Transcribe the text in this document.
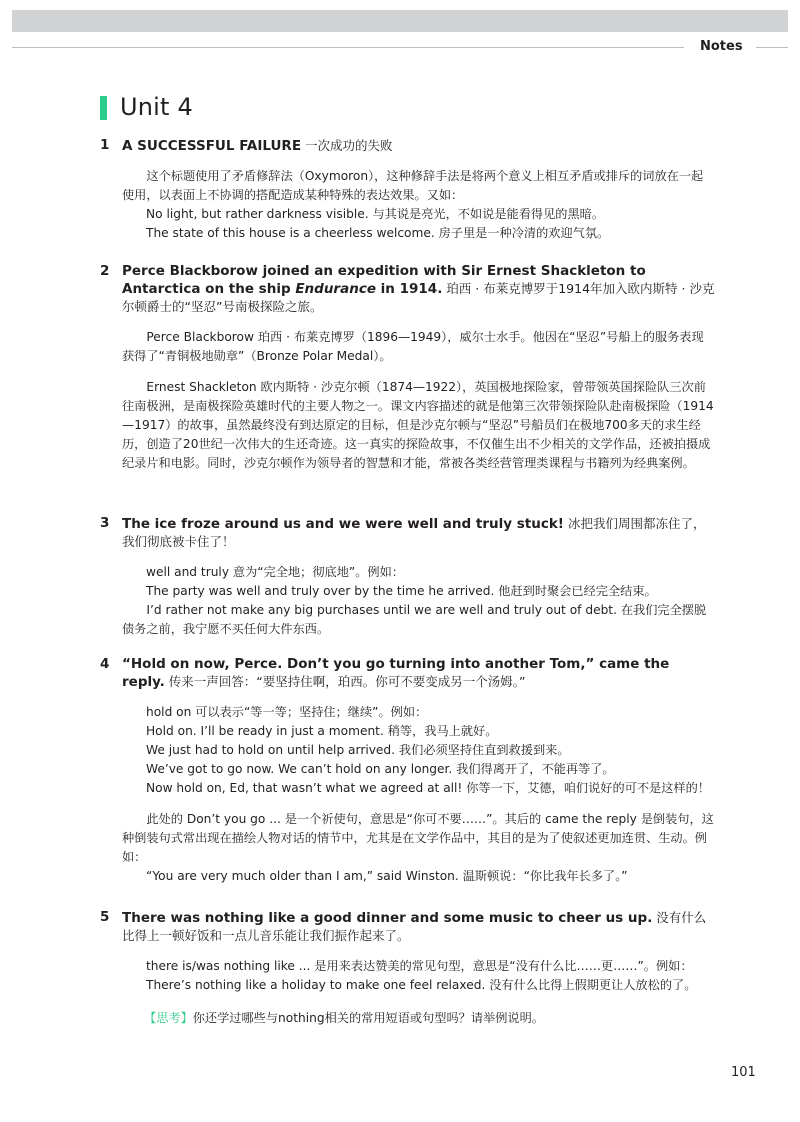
Notes
Unit 4
1 A SUCCESSFUL FAILURE 一次成功的失败

这个标题使用了矛盾修辞法（Oxymoron），这种修辞手法是将两个意义上相互矛盾或排斥的词放在一起使用，以表面上不协调的搭配造成某种特殊的表达效果。又如：

No light, but rather darkness visible. 与其说是亮光，不如说是能看得见的黑暗。

The state of this house is a cheerless welcome. 房子里是一种冷清的欢迎气氛。

2 Perce Blackborow joined an expedition with Sir Ernest Shackleton to Antarctica on the ship Endurance in 1914. 珀西 · 布莱克博罗于1914年加入欧内斯特 · 沙克尔顿爵士的“坚忍”号南极探险之旅。

Perce Blackborow 珀西 · 布莱克博罗（1896—1949），威尔士水手。他因在“坚忍”号船上的服务表现获得了“青铜极地勋章”（Bronze Polar Medal）。

Ernest Shackleton 欧内斯特 · 沙克尔顿（1874—1922），英国极地探险家，曾带领英国探险队三次前往南极洲，是南极探险英雄时代的主要人物之一。课文内容描述的就是他第三次带领探险队赴南极探险（1914—1917）的故事，虽然最终没有到达原定的目标，但是沙克尔顿与“坚忍”号船员们在极地700多天的求生经历，创造了20世纪一次伟大的生还奇迹。这一真实的探险故事，不仅催生出不少相关的文学作品，还被拍摄成纪录片和电影。同时，沙克尔顿作为领导者的智慧和才能，常被各类经营管理类课程与书籍列为经典案例。

3 The ice froze around us and we were well and truly stuck! 冰把我们周围都冻住了，我们彻底被卡住了！

well and truly 意为“完全地；彻底地”。例如：

The party was well and truly over by the time he arrived. 他赶到时聚会已经完全结束。

I’d rather not make any big purchases until we are well and truly out of debt. 在我们完全摆脱债务之前，我宁愿不买任何大件东西。

4 “Hold on now, Perce. Don’t you go turning into another Tom,” came the reply. 传来一声回答：“要坚持住啊，珀西。你可不要变成另一个汤姆。”

hold on 可以表示“等一等；坚持住；继续”。例如：

Hold on. I’ll be ready in just a moment. 稍等，我马上就好。

We just had to hold on until help arrived. 我们必须坚持住直到救援到来。

We’ve got to go now. We can’t hold on any longer. 我们得离开了，不能再等了。

Now hold on, Ed, that wasn’t what we agreed at all! 你等一下，艾德，咱们说好的可不是这样的！

此处的 Don’t you go ... 是一个祈使句，意思是“你可不要……”。其后的 came the reply 是倒装句，这种倒装句式常出现在描绘人物对话的情节中，尤其是在文学作品中，其目的是为了使叙述更加连贯、生动。例如：

“You are very much older than I am,” said Winston. 温斯顿说：“你比我年长多了。”

5 There was nothing like a good dinner and some music to cheer us up. 没有什么比得上一顿好饭和一点儿音乐能让我们振作起来了。

there is/was nothing like ... 是用来表达赞美的常见句型，意思是“没有什么比……更……”。例如：

There’s nothing like a holiday to make one feel relaxed. 没有什么比得上假期更让人放松的了。

【思考】你还学过哪些与nothing相关的常用短语或句型吗？请举例说明。
101
